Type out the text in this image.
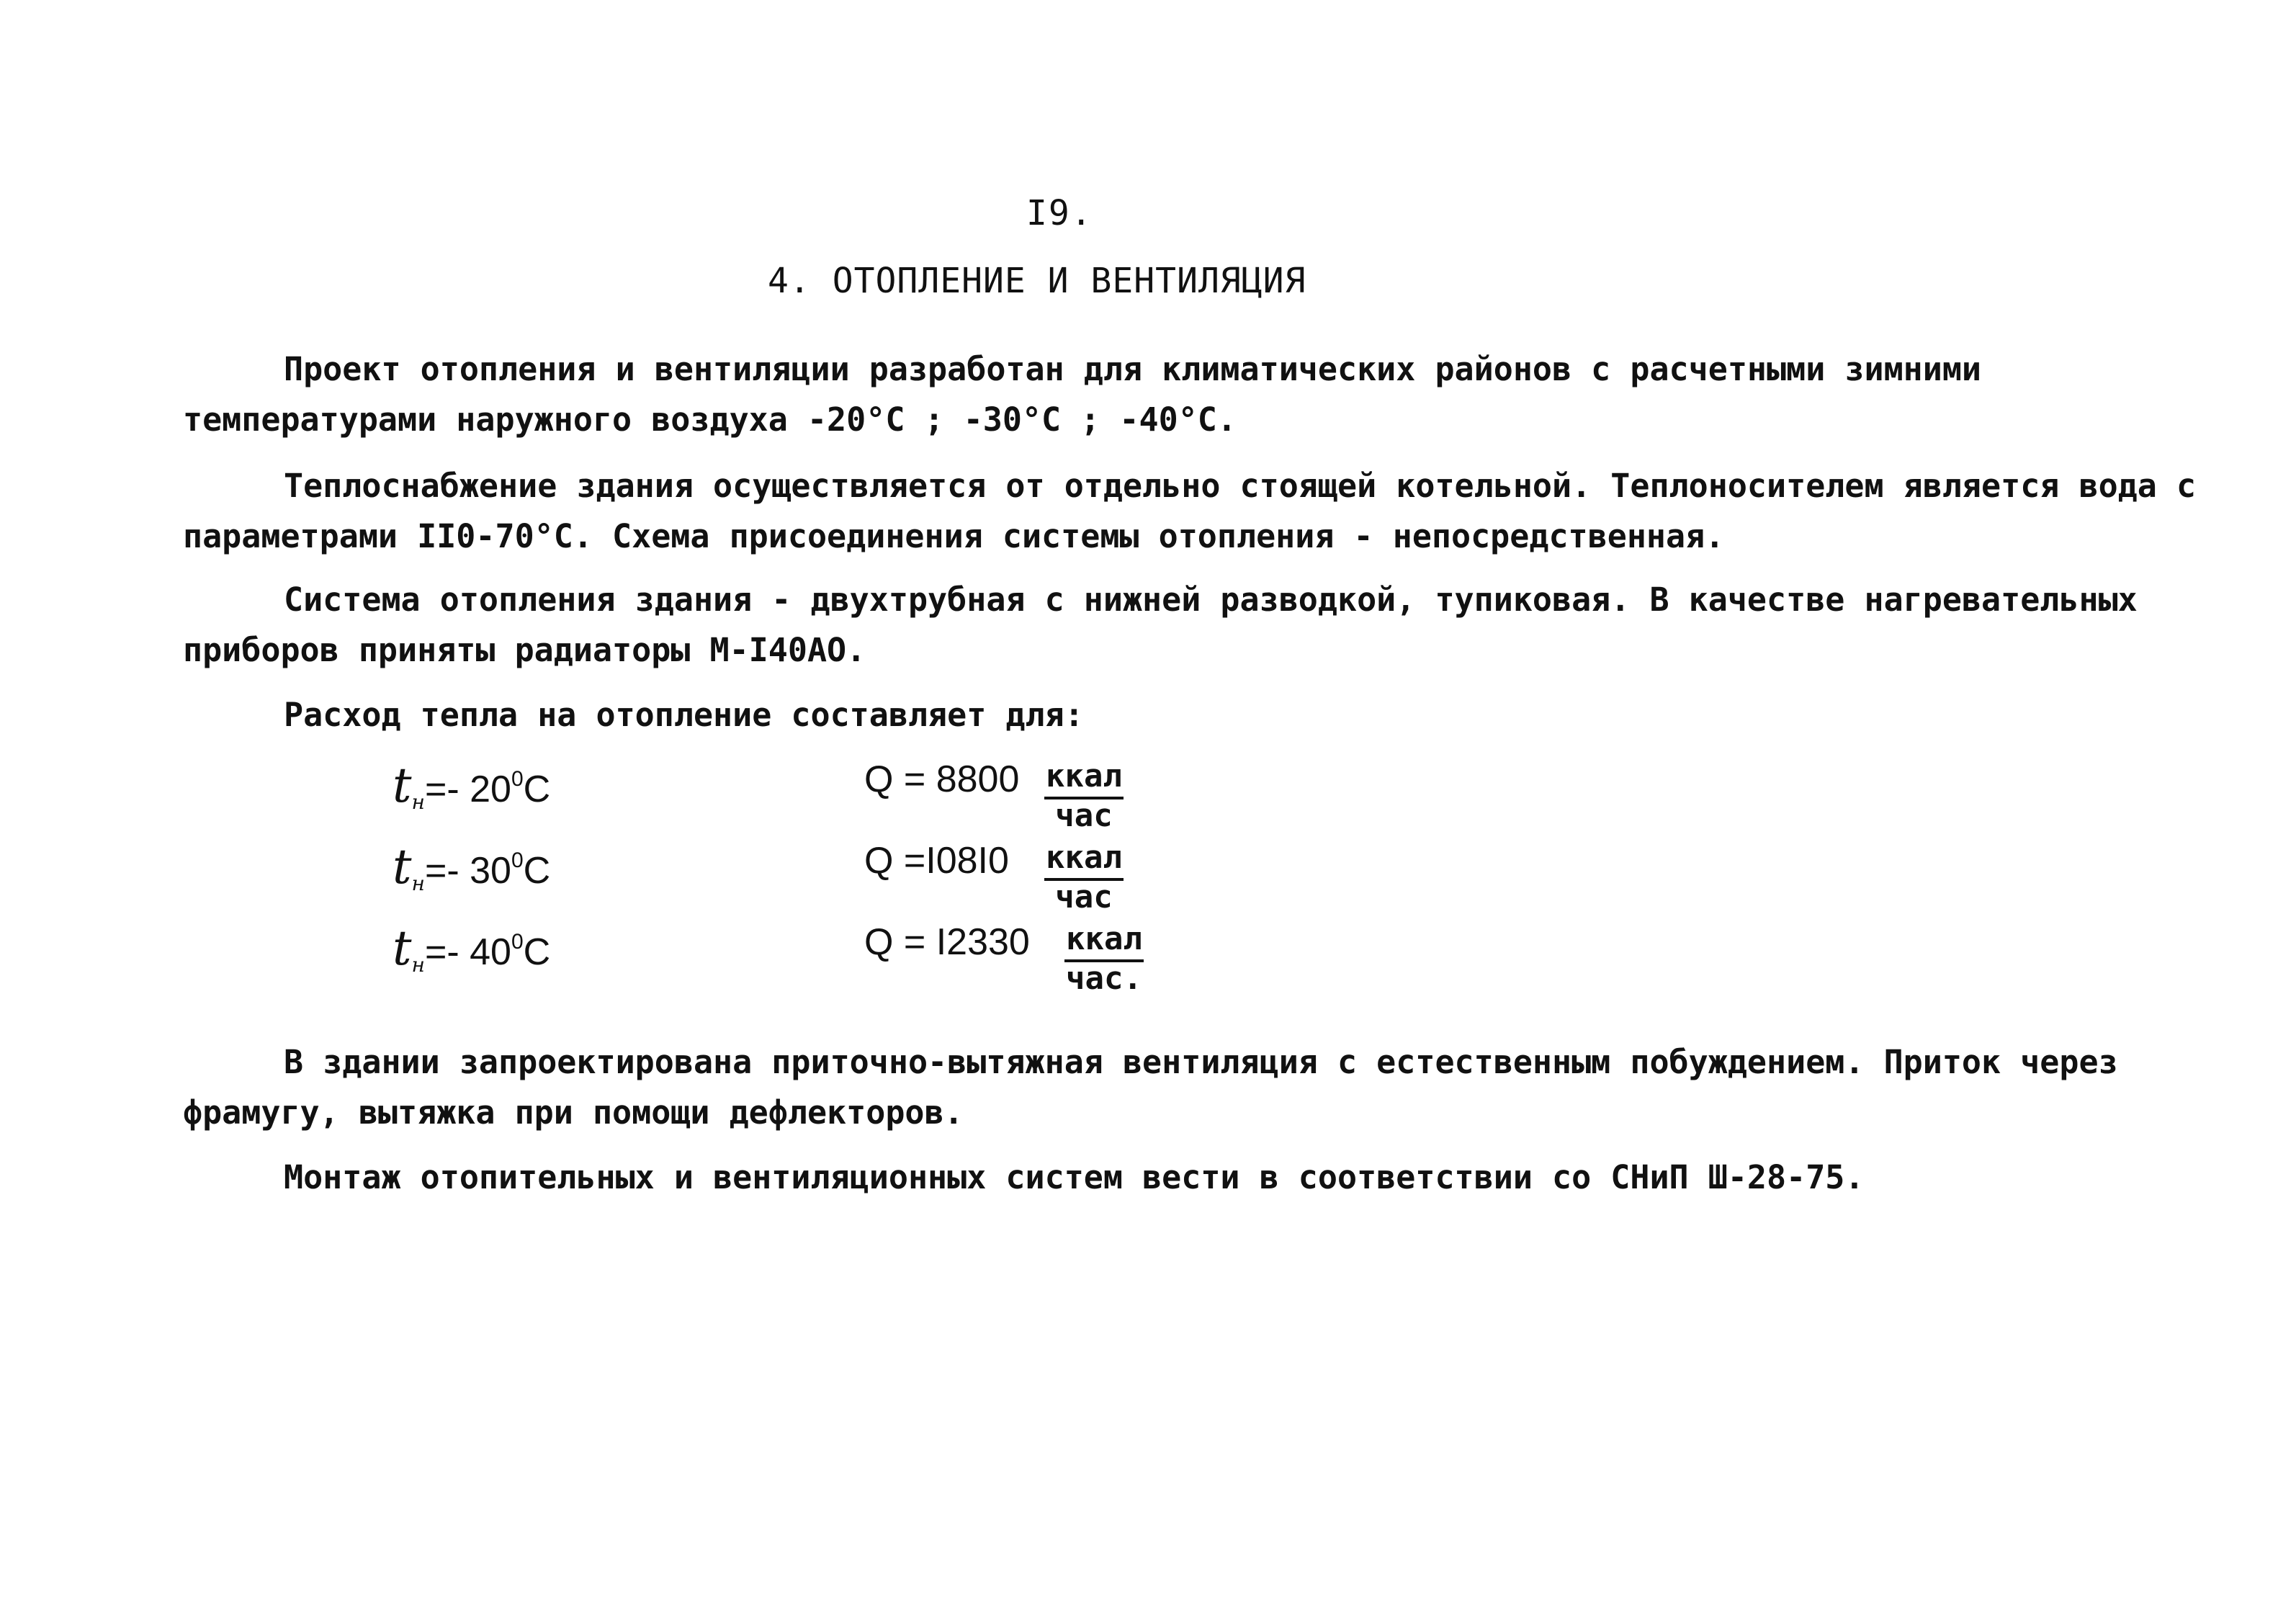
I9.
4. ОТОПЛЕНИЕ И ВЕНТИЛЯЦИЯ

Проект отопления и вентиляции разработан для климатических районов с расчетными зимними температурами наружного воздуха -20°С ; -30°С ; -40°С.

Теплоснабжение здания осуществляется от отдельно стоящей котельной. Теплоносителем является вода с параметрами II0-70°С. Схема присоединения системы отопления - непосредственная.

Система отопления здания - двухтрубная с нижней разводкой, тупиковая. В качестве нагревательных приборов приняты радиаторы М-I40АО.

Расход тепла на отопление составляет для:

tн=- $20^0С$	Q = 8800 ккал
час
tн=- $30^0С$	Q =I08I0 ккал
час
tн=- $40^0С$	Q = I2330 ккал
час.

В здании запроектирована приточно-вытяжная вентиляция с естественным побуждением. Приток через фрамугу, вытяжка при помощи дефлекторов.

Монтаж отопительных и вентиляционных систем вести в соответствии со СНиП Ш-28-75.
